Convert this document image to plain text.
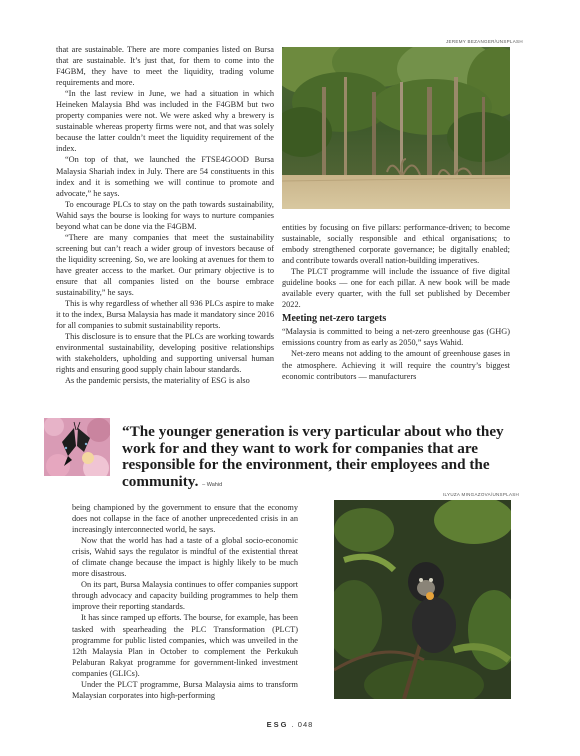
JEREMY BEZANGER/UNSPLASH

that are sustainable. There are more companies listed on Bursa that are sustainable. It’s just that, for them to come into the F4GBM, they have to meet the liquidity, trading volume requirements and more.

“In the last review in June, we had a situation in which Heineken Malaysia Bhd was included in the F4GBM but two property companies were not. We were asked why a brewery is sustainable whereas property firms were not, and that was solely because the latter couldn’t meet the liquidity requirement of the index.

“On top of that, we launched the FTSE4GOOD Bursa Malaysia Shariah index in July. There are 54 constituents in this index and it is something we will continue to promote and advocate,” he says.

To encourage PLCs to stay on the path towards sustainability, Wahid says the bourse is looking for ways to nurture companies beyond what can be done via the F4GBM.

“There are many companies that meet the sustainability screening but can’t reach a wider group of investors because of the liquidity screening. So, we are looking at avenues for them to have greater access to the market. Our primary objective is to ensure that all companies listed on the bourse embrace sustainability,” he says.

This is why regardless of whether all 936 PLCs aspire to make it to the index, Bursa Malaysia has made it mandatory since 2016 for all companies to submit sustainability reports.

This disclosure is to ensure that the PLCs are working towards environmental sustainability, developing positive relationships with stakeholders, upholding and supporting universal human rights and ensuring good supply chain labour standards.

As the pandemic persists, the materiality of ESG is also

entities by focusing on five pillars: performance-driven; to become sustainable, socially responsible and ethical organisations; to embody strengthened corporate governance; be digitally enabled; and contribute towards overall nation-building imperatives.

The PLCT programme will include the issuance of five digital guideline books — one for each pillar. A new book will be made available every quarter, with the full set published by December 2022.

Meeting net-zero targets

“Malaysia is committed to being a net-zero greenhouse gas (GHG) emissions country from as early as 2050,” says Wahid.

Net-zero means not adding to the amount of greenhouse gases in the atmosphere. Achieving it will require the country’s biggest economic contributors — manufacturers

“The younger generation is very particular about who they work for and they want to work for companies that are responsible for the environment, their employees and the community. – Wahid
ILYUZA MINGAZOVA/UNSPLASH

being championed by the government to ensure that the economy does not collapse in the face of another unprecedented crisis in an increasingly interconnected world, he says.

Now that the world has had a taste of a global socio-economic crisis, Wahid says the regulator is mindful of the existential threat of climate change because the impact is highly likely to be much more disastrous.

On its part, Bursa Malaysia continues to offer companies support through advocacy and capacity building programmes to help them improve their reporting standards.

It has since ramped up efforts. The bourse, for example, has been tasked with spearheading the PLC Transformation (PLCT) programme for public listed companies, which was unveiled in the 12th Malaysia Plan in October to complement the Perkukuh Pelaburan Rakyat programme for government-linked investment companies (GLICs).

Under the PLCT programme, Bursa Malaysia aims to transform Malaysian corporates into high-performing

ESG . 048
